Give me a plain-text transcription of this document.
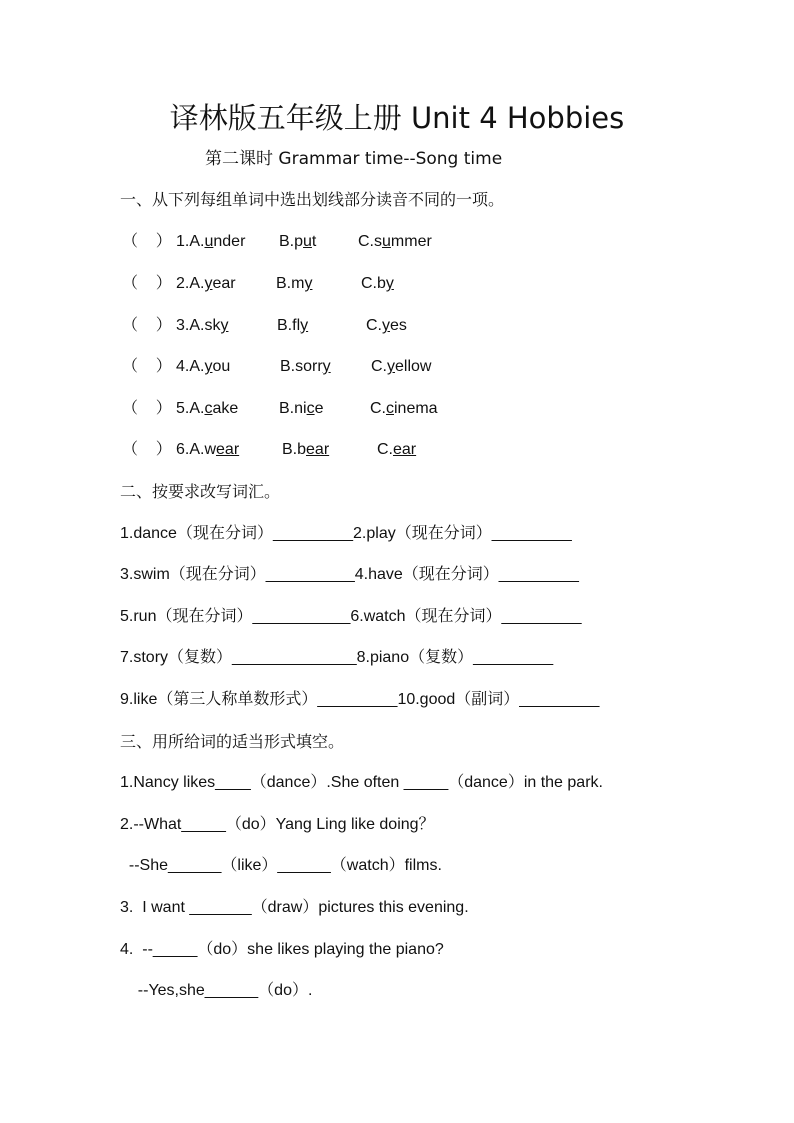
译林版五年级上册 Unit 4 Hobbies
第二课时 Grammar time--Song time
一、从下列每组单词中选出划线部分读音不同的一项。
（    ） 1.A.under B.put	C.summer
（    ） 2.A.year	B.my	C.by
（    ） 3.A.sky	B.fly	C.yes
（    ） 4.A.you	B.sorry	C.yellow
（    ） 5.A.cake	B.nice	C.cinema
（    ） 6.A.wear	B.bear	C.ear
二、按要求改写词汇。
1.dance（现在分词）_________2.play（现在分词）_________
3.swim（现在分词）__________4.have（现在分词）_________
5.run（现在分词）___________6.watch（现在分词）_________
7.story（复数）______________8.piano（复数）_________
9.like（第三人称单数形式）_________10.good（副词）_________
三、用所给词的适当形式填空。
1.Nancy likes____（dance）.She often _____（dance）in the park.
2.--What_____（do）Yang Ling like doing？
--She______（like）______（watch）films.
3.  I want _______（draw）pictures this evening.
4.  --_____（do）she likes playing the piano?
--Yes,she______（do）.
